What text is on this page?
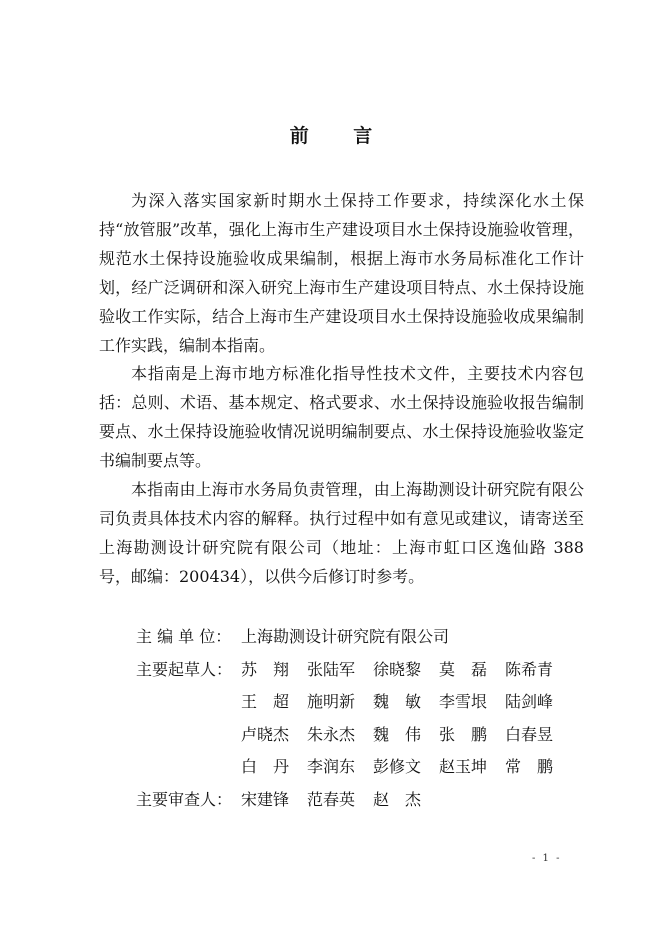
前 言

为深入落实国家新时期水土保持工作要求，持续深化水土保持“放管服”改革，强化上海市生产建设项目水土保持设施验收管理，规范水土保持设施验收成果编制，根据上海市水务局标准化工作计划，经广泛调研和深入研究上海市生产建设项目特点、水土保持设施验收工作实际，结合上海市生产建设项目水土保持设施验收成果编制工作实践，编制本指南。

本指南是上海市地方标准化指导性技术文件，主要技术内容包括：总则、术语、基本规定、格式要求、水土保持设施验收报告编制要点、水土保持设施验收情况说明编制要点、水土保持设施验收鉴定书编制要点等。

本指南由上海市水务局负责管理，由上海勘测设计研究院有限公司负责具体技术内容的解释。执行过程中如有意见或建议，请寄送至上海勘测设计研究院有限公司（地址：上海市虹口区逸仙路 388 号，邮编：200434），以供今后修订时参考。

主 编 单 位： 上海勘测设计研究院有限公司
主要起草人： 苏　翔	张陆军	徐晓黎	莫　磊	陈希青
王　超	施明新	魏　敏	李雪垠	陆剑峰
卢晓杰	朱永杰	魏　伟	张　鹏	白春昱
白　丹	李润东	彭修文	赵玉坤	常　鹏
主要审查人： 宋建锋	范春英	赵　杰
- 1 -
